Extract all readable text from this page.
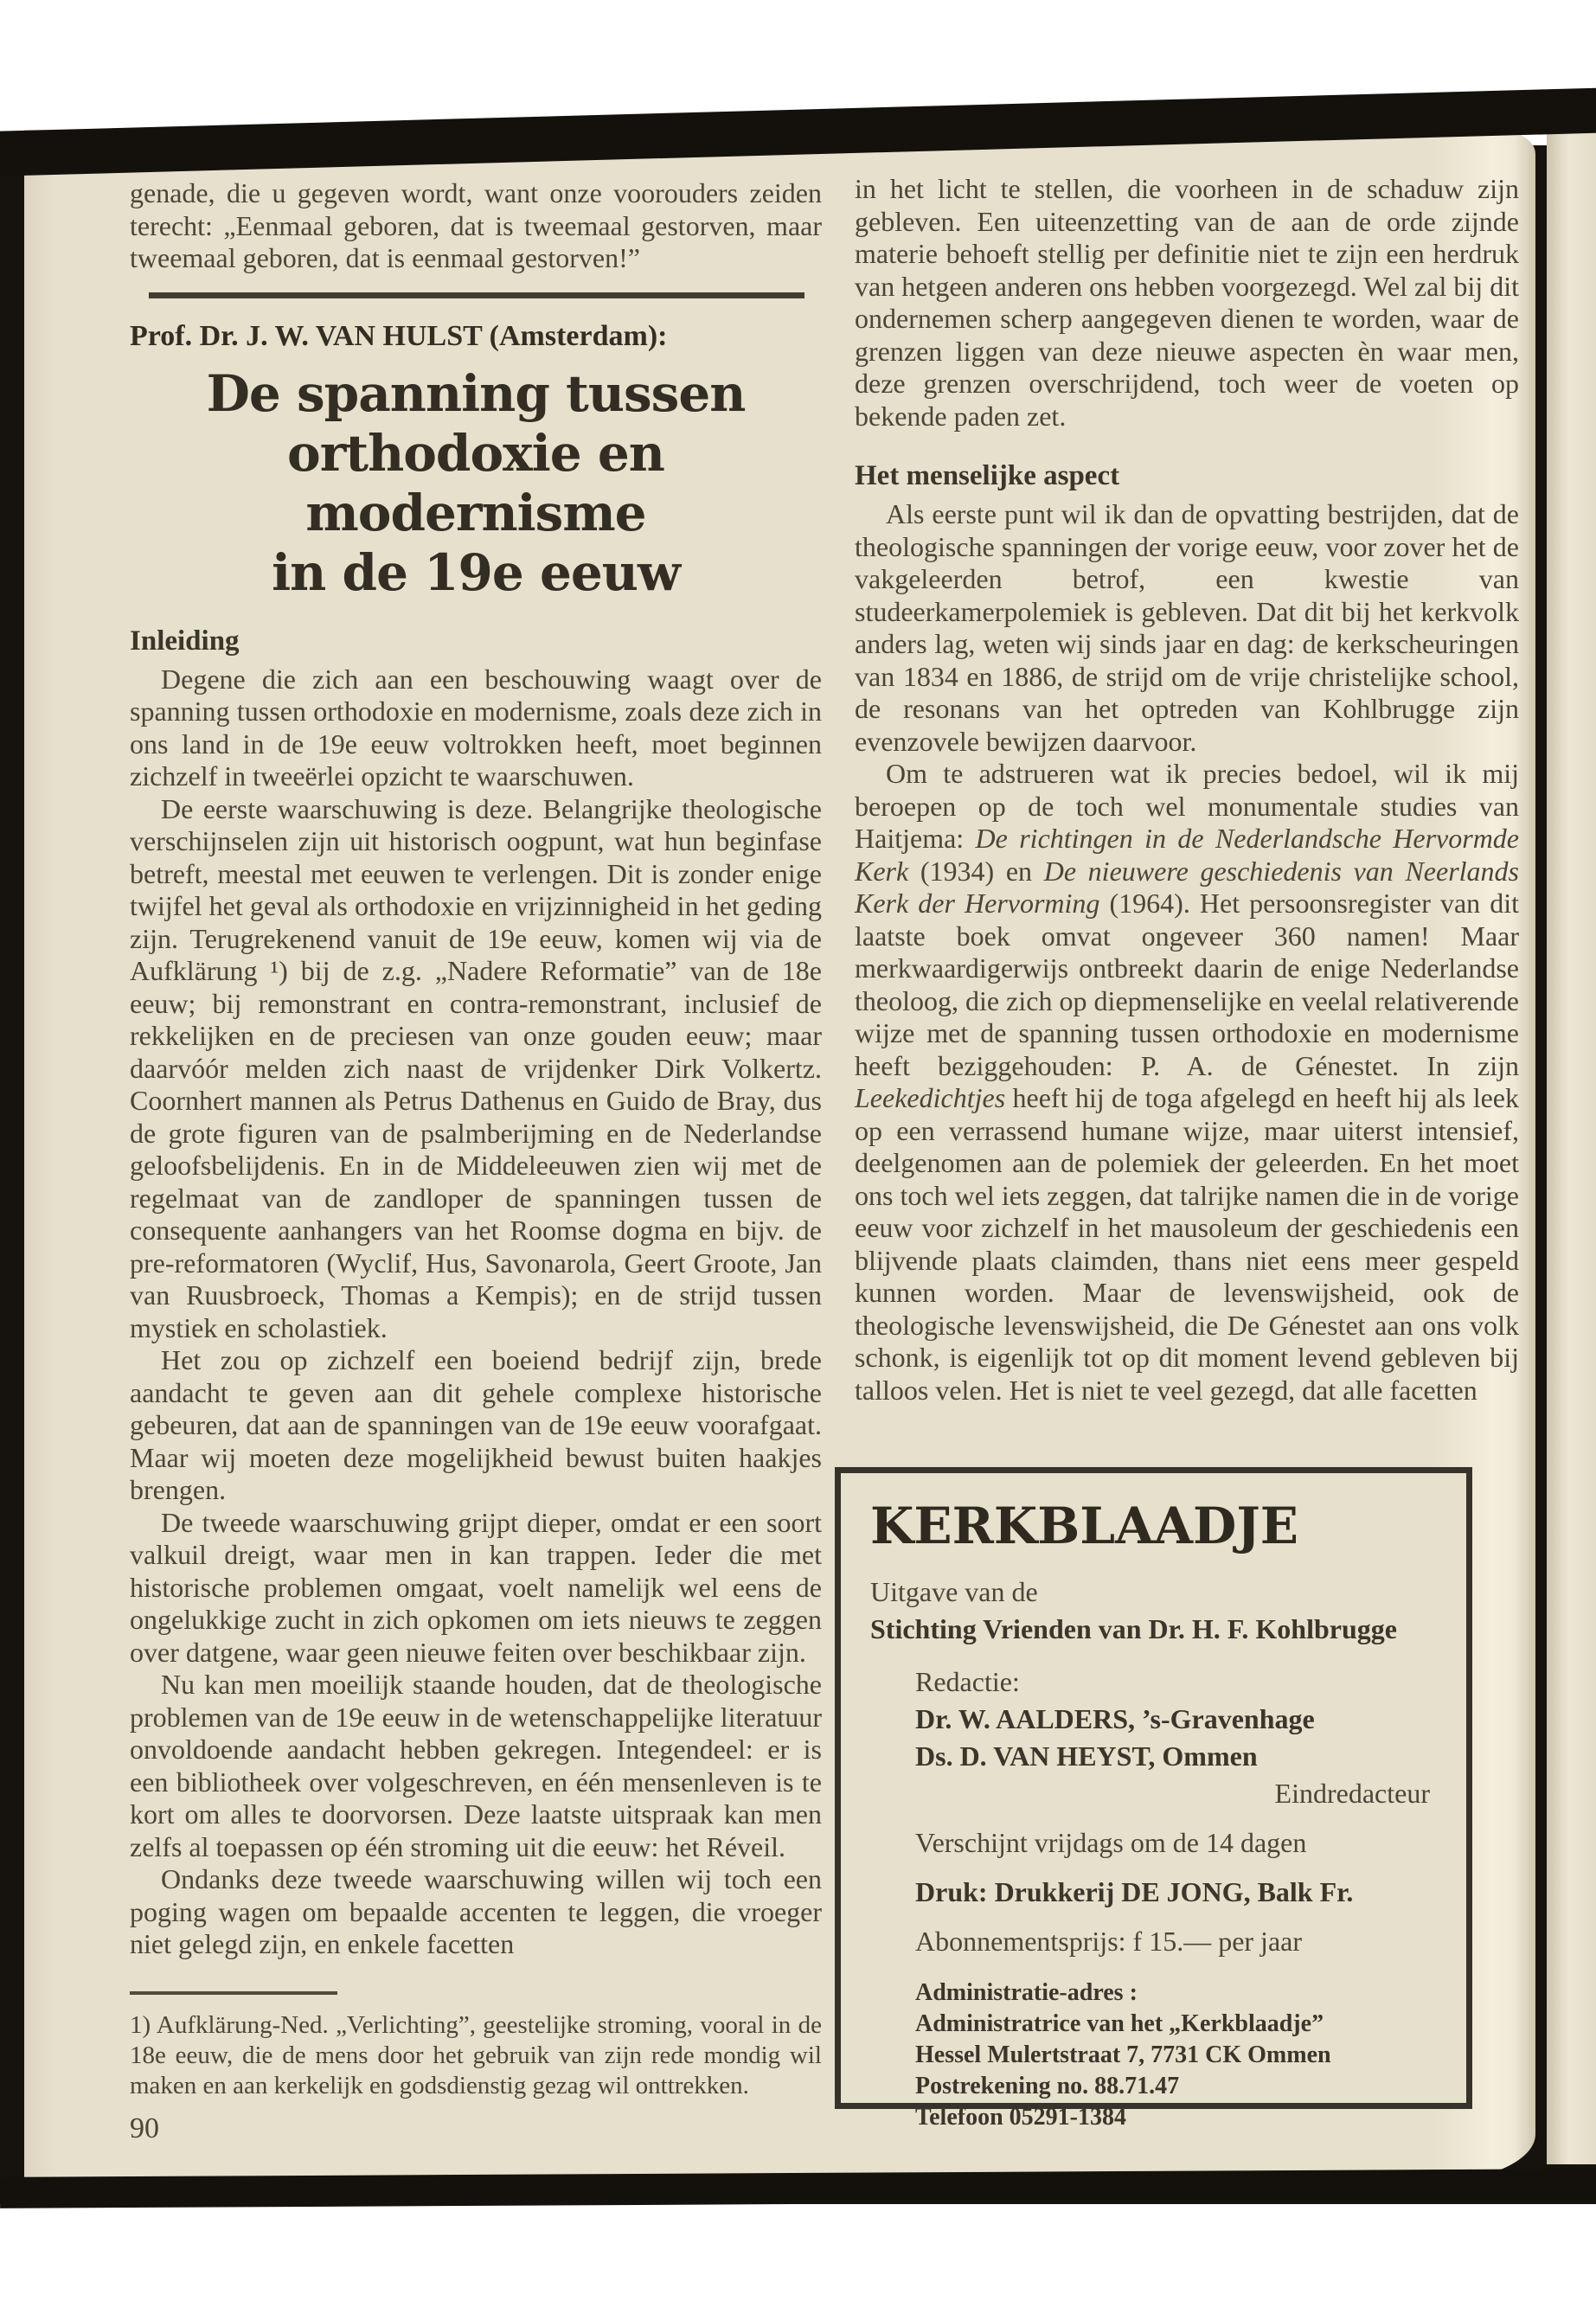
genade, die u gegeven wordt, want onze voorouders zeiden terecht: „Eenmaal geboren, dat is tweemaal gestorven, maar tweemaal geboren, dat is eenmaal gestorven!”

Prof. Dr. J. W. VAN HULST (Amsterdam):
De spanning tussen
orthodoxie en modernisme
in de 19e eeuw
Inleiding

Degene die zich aan een beschouwing waagt over de spanning tussen orthodoxie en modernisme, zoals deze zich in ons land in de 19e eeuw voltrokken heeft, moet beginnen zichzelf in tweeërlei opzicht te waarschuwen.

De eerste waarschuwing is deze. Belangrijke theologische verschijnselen zijn uit historisch oogpunt, wat hun beginfase betreft, meestal met eeuwen te verlengen. Dit is zonder enige twijfel het geval als orthodoxie en vrijzinnigheid in het geding zijn. Terugrekenend vanuit de 19e eeuw, komen wij via de Aufklärung ¹) bij de z.g. „Nadere Reformatie” van de 18e eeuw; bij remonstrant en contra-remonstrant, inclusief de rekkelijken en de preciesen van onze gouden eeuw; maar daarvóór melden zich naast de vrijdenker Dirk Volkertz. Coornhert mannen als Petrus Dathenus en Guido de Bray, dus de grote figuren van de psalmberijming en de Nederlandse geloofsbelijdenis. En in de Middeleeuwen zien wij met de regelmaat van de zandloper de spanningen tussen de consequente aanhangers van het Roomse dogma en bijv. de pre-reformatoren (Wyclif, Hus, Savonarola, Geert Groote, Jan van Ruusbroeck, Thomas a Kempis); en de strijd tussen mystiek en scholastiek.

Het zou op zichzelf een boeiend bedrijf zijn, brede aandacht te geven aan dit gehele complexe historische gebeuren, dat aan de spanningen van de 19e eeuw voorafgaat. Maar wij moeten deze mogelijkheid bewust buiten haakjes brengen.

De tweede waarschuwing grijpt dieper, omdat er een soort valkuil dreigt, waar men in kan trappen. Ieder die met historische problemen omgaat, voelt namelijk wel eens de ongelukkige zucht in zich opkomen om iets nieuws te zeggen over datgene, waar geen nieuwe feiten over beschikbaar zijn.

Nu kan men moeilijk staande houden, dat de theologische problemen van de 19e eeuw in de wetenschappelijke literatuur onvoldoende aandacht hebben gekregen. Integendeel: er is een bibliotheek over volgeschreven, en één mensenleven is te kort om alles te doorvorsen. Deze laatste uitspraak kan men zelfs al toepassen op één stroming uit die eeuw: het Réveil.

Ondanks deze tweede waarschuwing willen wij toch een poging wagen om bepaalde accenten te leggen, die vroeger niet gelegd zijn, en enkele facetten

1) Aufklärung-Ned. „Verlichting”, geestelijke stroming, vooral in de 18e eeuw, die de mens door het gebruik van zijn rede mondig wil maken en aan kerkelijk en godsdienstig gezag wil onttrekken.
90

in het licht te stellen, die voorheen in de schaduw zijn gebleven. Een uiteenzetting van de aan de orde zijnde materie behoeft stellig per definitie niet te zijn een herdruk van hetgeen anderen ons hebben voorgezegd. Wel zal bij dit ondernemen scherp aangegeven dienen te worden, waar de grenzen liggen van deze nieuwe aspecten èn waar men, deze grenzen overschrijdend, toch weer de voeten op bekende paden zet.

Het menselijke aspect

Als eerste punt wil ik dan de opvatting bestrijden, dat de theologische spanningen der vorige eeuw, voor zover het de vakgeleerden betrof, een kwestie van studeerkamerpolemiek is gebleven. Dat dit bij het kerkvolk anders lag, weten wij sinds jaar en dag: de kerkscheuringen van 1834 en 1886, de strijd om de vrije christelijke school, de resonans van het optreden van Kohlbrugge zijn evenzovele bewijzen daarvoor.

Om te adstrueren wat ik precies bedoel, wil ik mij beroepen op de toch wel monumentale studies van Haitjema: De richtingen in de Nederlandsche Hervormde Kerk (1934) en De nieuwere geschiedenis van Neerlands Kerk der Hervorming (1964). Het persoonsregister van dit laatste boek omvat ongeveer 360 namen! Maar merkwaardigerwijs ontbreekt daarin de enige Nederlandse theoloog, die zich op diepmenselijke en veelal relativerende wijze met de spanning tussen orthodoxie en modernisme heeft beziggehouden: P. A. de Génestet. In zijn Leekedichtjes heeft hij de toga afgelegd en heeft hij als leek op een verrassend humane wijze, maar uiterst intensief, deelgenomen aan de polemiek der geleerden. En het moet ons toch wel iets zeggen, dat talrijke namen die in de vorige eeuw voor zichzelf in het mausoleum der geschiedenis een blijvende plaats claimden, thans niet eens meer gespeld kunnen worden. Maar de levenswijsheid, ook de theologische levenswijsheid, die De Génestet aan ons volk schonk, is eigenlijk tot op dit moment levend gebleven bij talloos velen. Het is niet te veel gezegd, dat alle facetten

KERKBLAADJE
Uitgave van de
Stichting Vrienden van Dr. H. F. Kohlbrugge
Redactie:
Dr. W. AALDERS, ’s-Gravenhage
Ds. D. VAN HEYST, Ommen
Eindredacteur
Verschijnt vrijdags om de 14 dagen
Druk: Drukkerij DE JONG, Balk Fr.
Abonnementsprijs: f 15.— per jaar
Administratie-adres :
Administratrice van het „Kerkblaadje”
Hessel Mulertstraat 7, 7731 CK Ommen
Postrekening no. 88.71.47
Telefoon 05291-1384
